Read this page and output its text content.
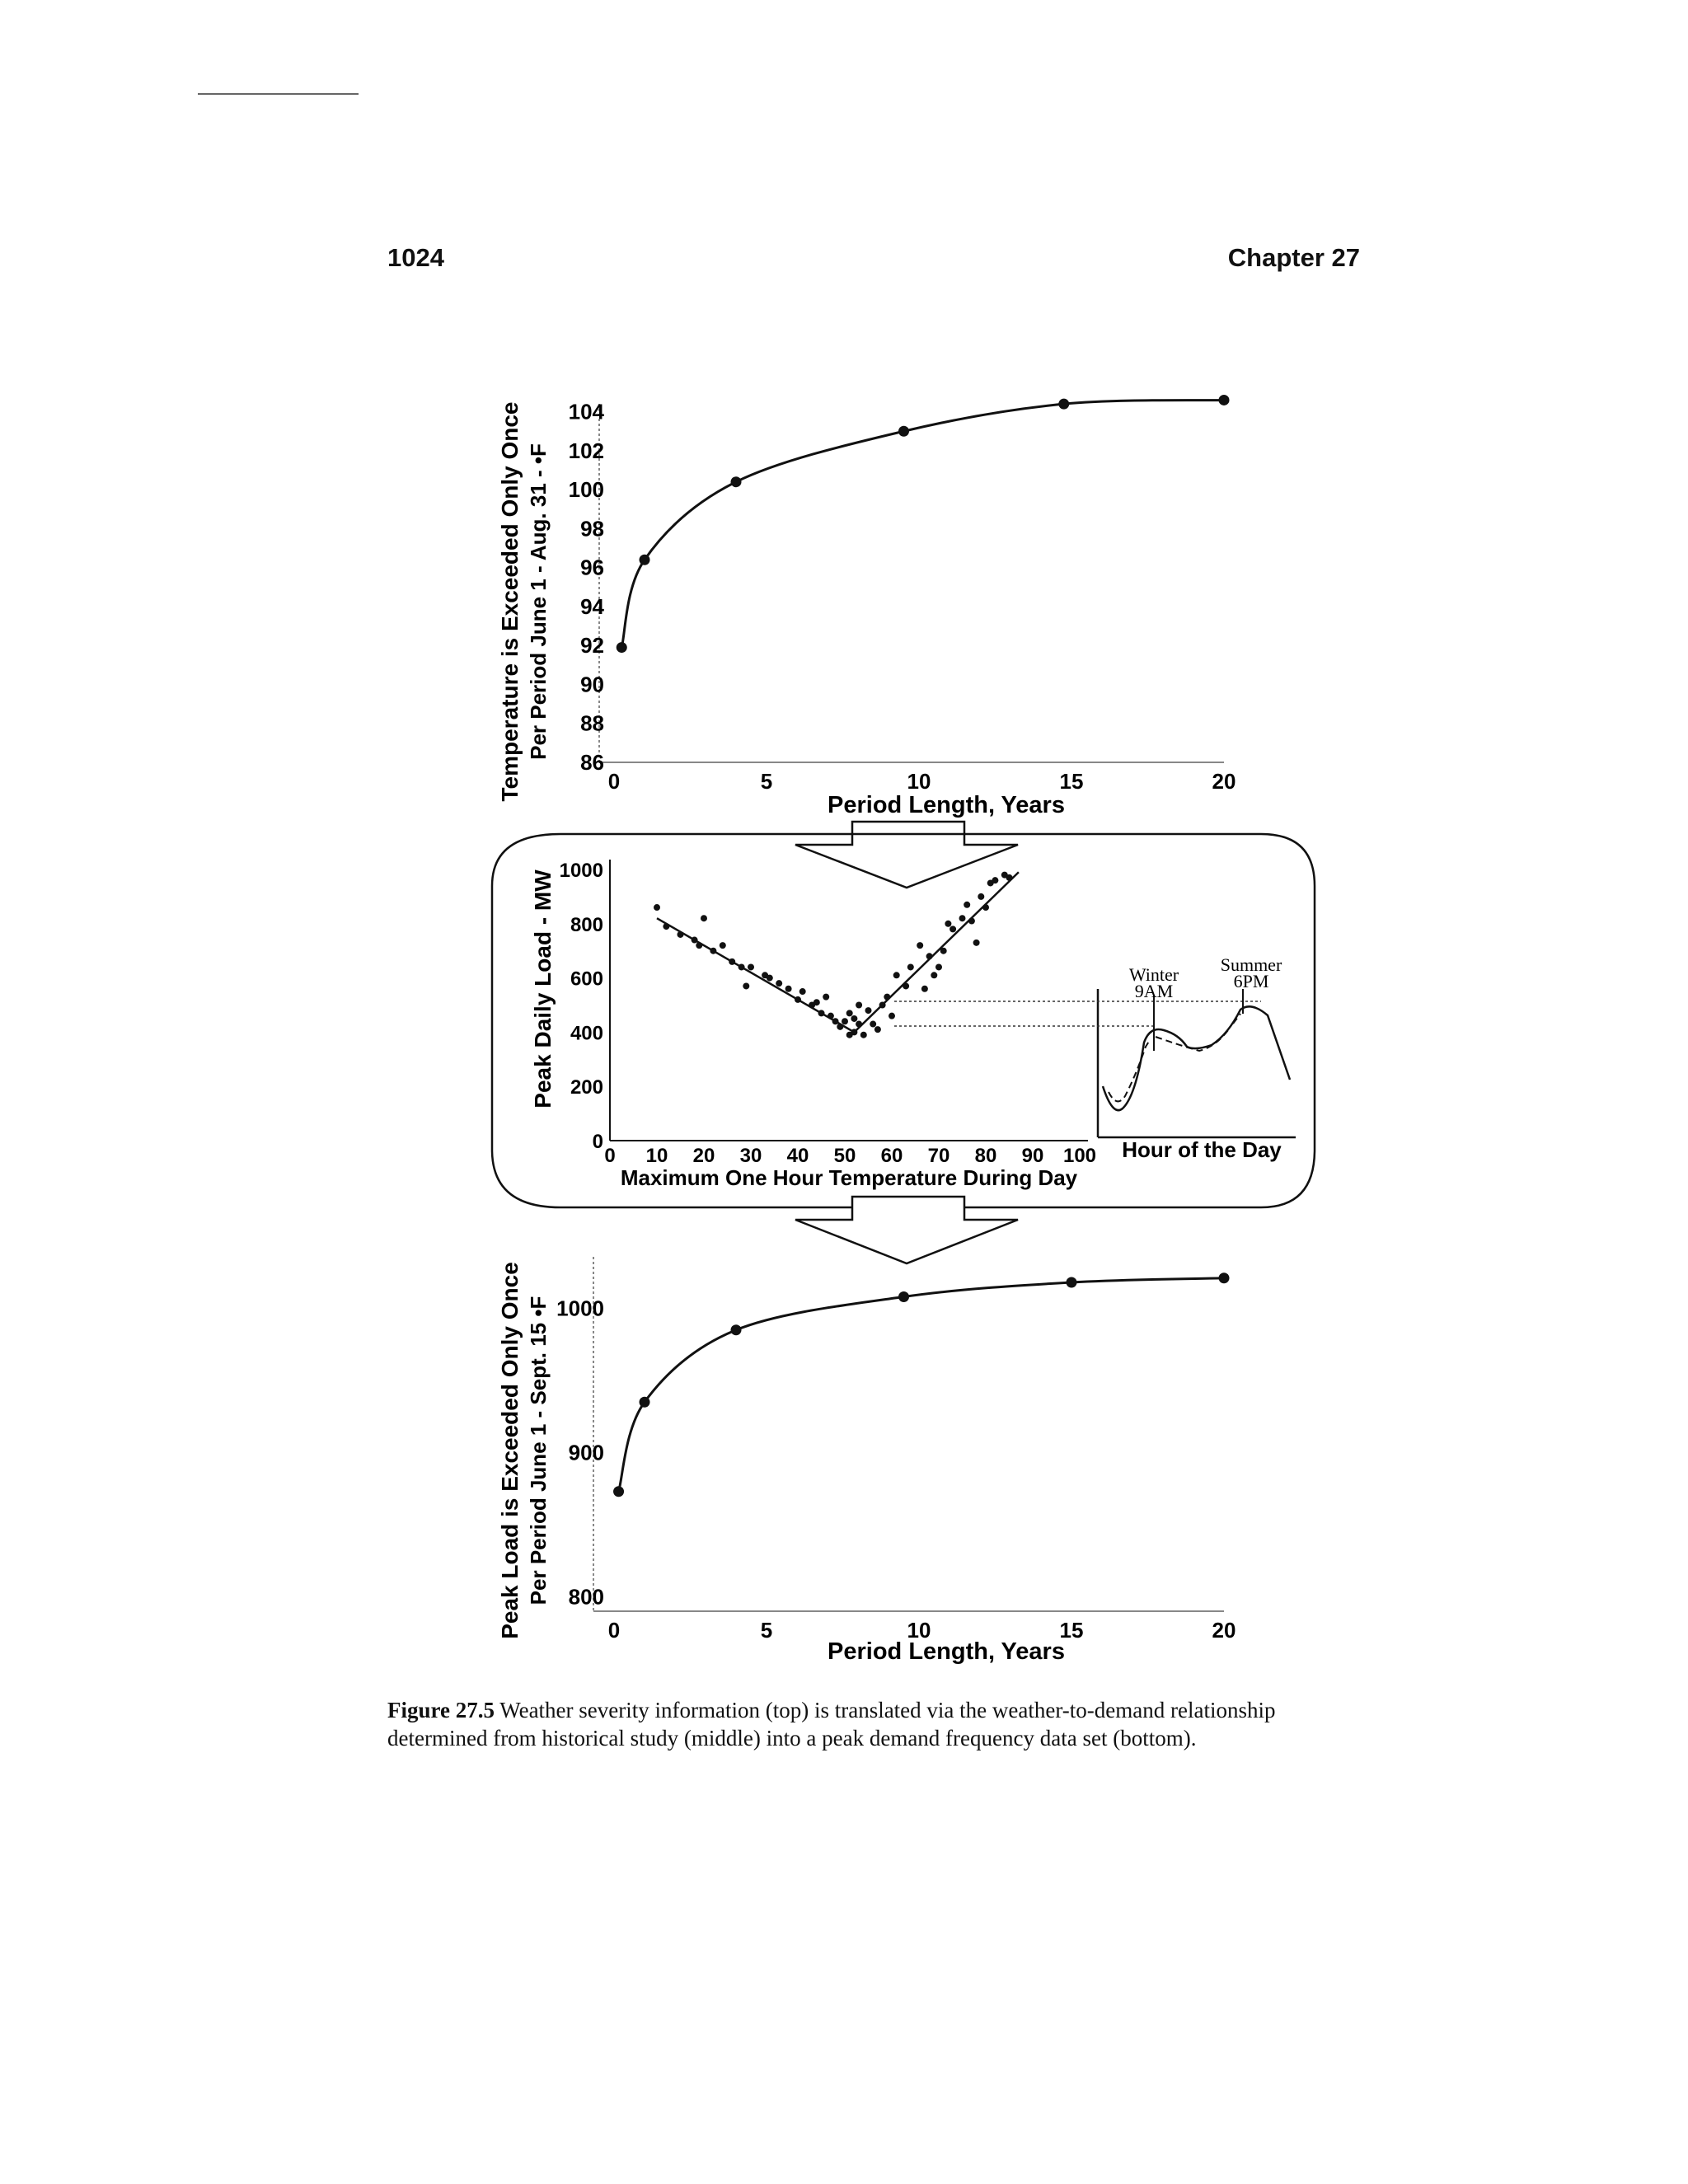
1024	Chapter 27
86
88
90
92
94
96
98
100
102
104
0	5	10	15	20
Period Length, Years
Temperature is Exceeded Only Once Per Period June 1 - Aug. 31 - •F
0
200
400
600
800
1000
0 10 20 30 40 50 60 70 80 90 100
Maximum One Hour Temperature During Day
Peak Daily Load - MW	Winter
9AM
Summer
6PM
Hour of the Day
800
900
1000
0	5	10	15	20
Period Length, Years
Peak Load is Exceeded Only Once Per Period June 1 - Sept. 15 •F
Figure 27.5 Weather severity information (top) is translated via the weather-to-demand relationship determined from historical study (middle) into a peak demand frequency data set (bottom).
